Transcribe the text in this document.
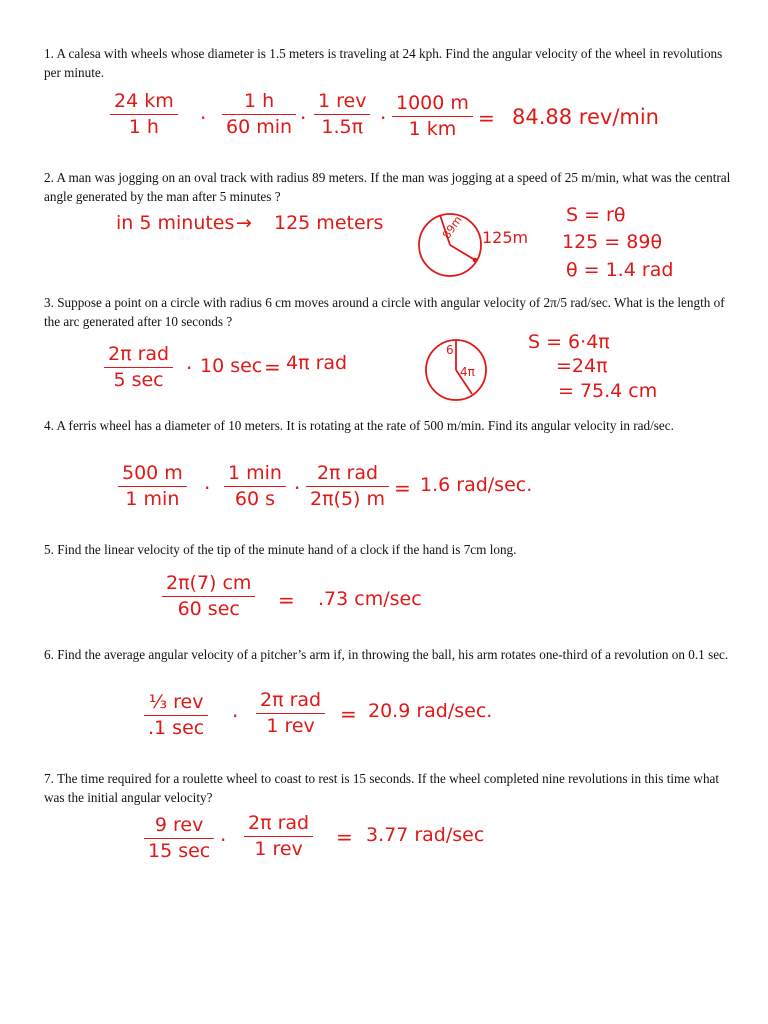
1. A calesa with wheels whose diameter is 1.5 meters is traveling at 24 kph. Find the angular velocity of the wheel in revolutions per minute.
24 km
1 h ·
1 h
60 min ·
1 rev
1.5π ·
1000 m
1 km = 84.88 rev/min
2. A man was jogging on an oval track with radius 89 meters. If the man was jogging at a speed of 25 m/min, what was the central angle generated by the man after 5 minutes ?
in 5 minutes → 125 meters	89m 125m
S = rθ
125 = 89θ
θ = 1.4 rad
3. Suppose a point on a circle with radius 6 cm moves around a circle with angular velocity of 2π/5 rad/sec. What is the length of the arc generated after 10 seconds ?
2π rad
5 sec · 10 sec = 4π rad
6
4π
S = 6·4π
=24π
= 75.4 cm
4. A ferris wheel has a diameter of 10 meters. It is rotating at the rate of 500 m/min. Find its angular velocity in rad/sec.
500 m
1 min ·
1 min
60 s ·
2π rad
2π(5) m = 1.6 rad/sec.
5. Find the linear velocity of the tip of the minute hand of a clock if the hand is 7cm long.
2π(7) cm
60 sec = .73 cm/sec
6. Find the average angular velocity of a pitcher’s arm if, in throwing the ball, his arm rotates one-third of a revolution on 0.1 sec.
⅓ rev
.1 sec ·
2π rad
1 rev = 20.9 rad/sec.
7. The time required for a roulette wheel to coast to rest is 15 seconds. If the wheel completed nine revolutions in this time what was the initial angular velocity?
9 rev
15 sec ·
2π rad
1 rev = 3.77 rad/sec
